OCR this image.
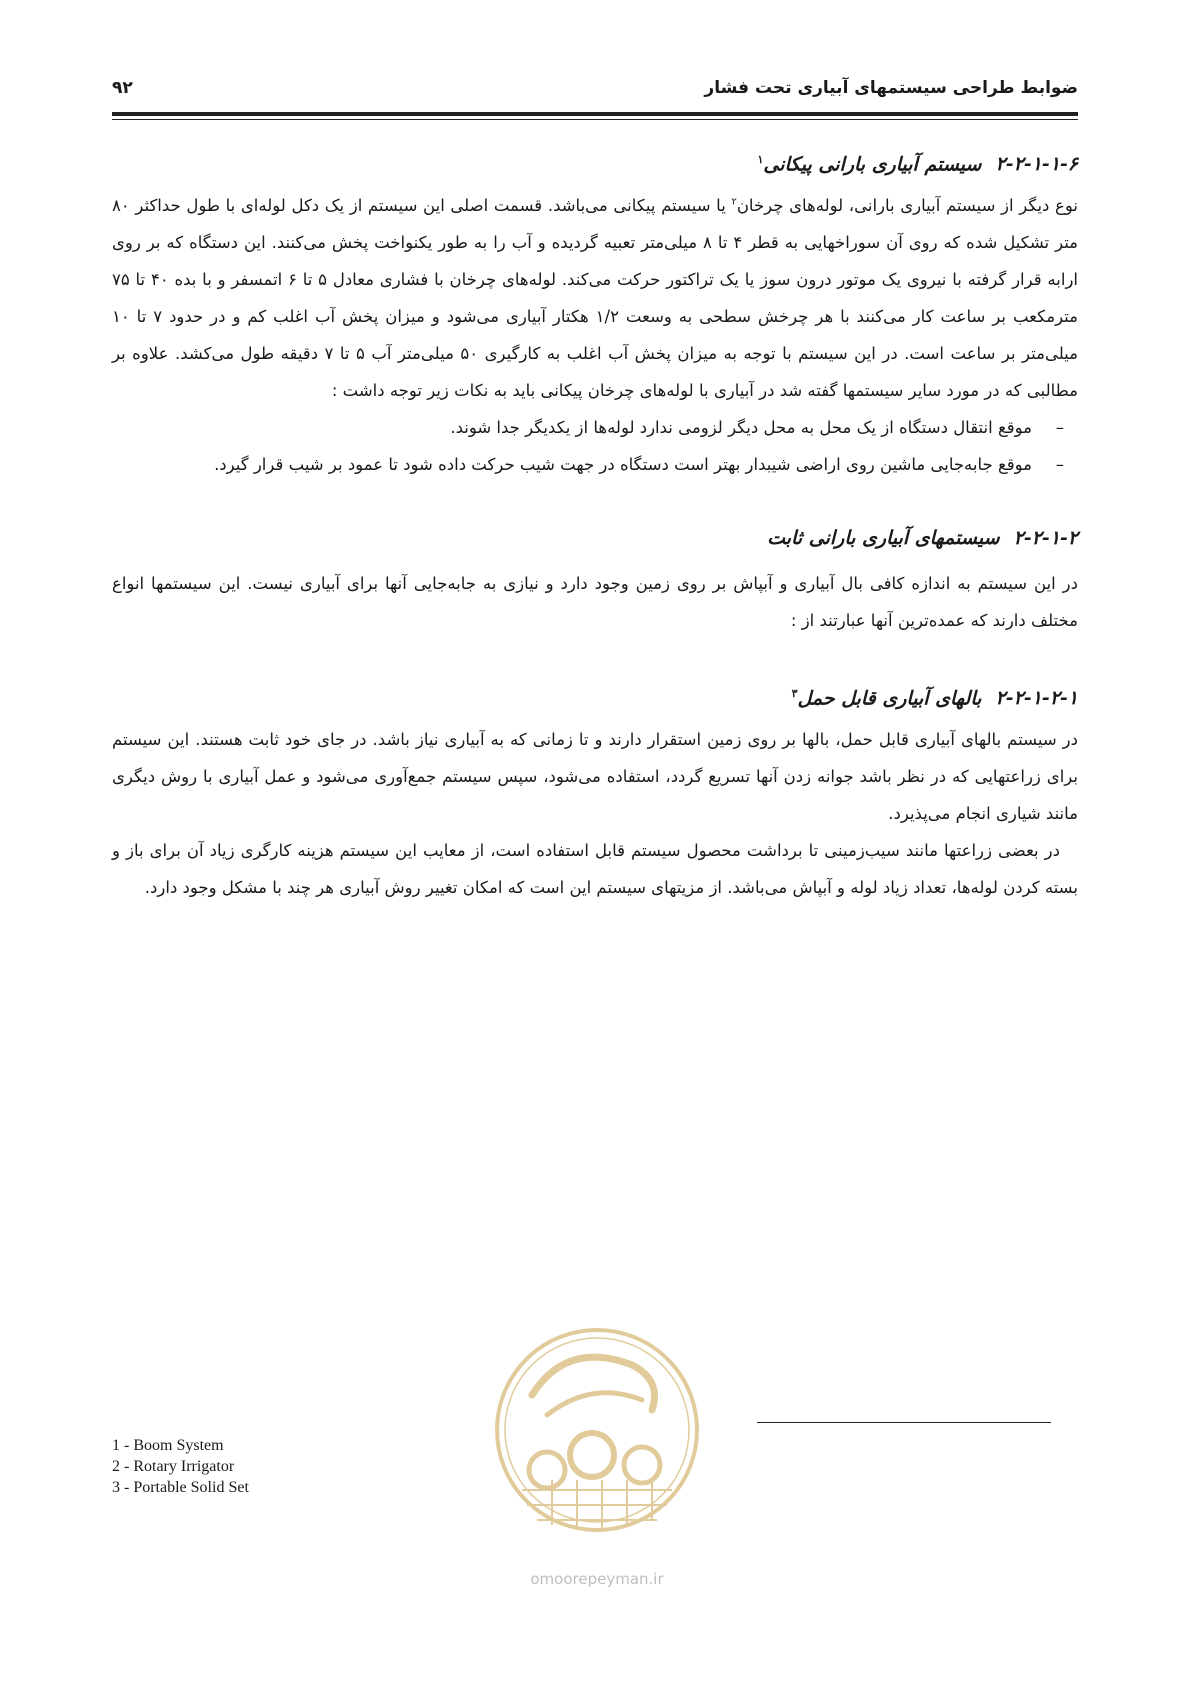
ضوابط طراحی سیستمهای آبیاری تحت فشار
۹۲
۲-۲-۱-۱-۶سیستم آبیاری بارانی پیکانی$^۱$

نوع دیگر از سیستم آبیاری بارانی، لوله‌های چرخان$^۲$ یا سیستم پیکانی می‌باشد. قسمت اصلی این سیستم از یک دکل لوله‌ای با طول حداکثر ۸۰ متر تشکیل شده که روی آن سوراخهایی به قطر ۴ تا ۸ میلی‌متر تعبیه گردیده و آب را به طور یکنواخت پخش می‌کنند. این دستگاه که بر روی ارابه قرار گرفته با نیروی یک موتور درون سوز یا یک تراکتور حرکت می‌کند. لوله‌های چرخان با فشاری معادل ۵ تا ۶ اتمسفر و با بده ۴۰ تا ۷۵ مترمکعب بر ساعت کار می‌کنند با هر چرخش سطحی به وسعت ۱/۲ هکتار آبیاری می‌شود و میزان پخش آب اغلب کم و در حدود ۷ تا ۱۰ میلی‌متر بر ساعت است. در این سیستم با توجه به میزان پخش آب اغلب به کارگیری ۵۰ میلی‌متر آب ۵ تا ۷ دقیقه طول می‌کشد. علاوه بر مطالبی که در مورد سایر سیستمها گفته شد در آبیاری با لوله‌های چرخان پیکانی باید به نکات زیر توجه داشت :

–
موقع انتقال دستگاه از یک محل به محل دیگر لزومی ندارد لوله‌ها از یکدیگر جدا شوند.
–
موقع جابه‌جایی ماشین روی اراضی شیبدار بهتر است دستگاه در جهت شیب حرکت داده شود تا عمود بر شیب قرار گیرد.
۲-۲-۱-۲سیستمهای آبیاری بارانی ثابت

در این سیستم به اندازه کافی بال آبیاری و آبپاش بر روی زمین وجود دارد و نیازی به جابه‌جایی آنها برای آبیاری نیست. این سیستمها انواع مختلف دارند که عمده‌ترین آنها عبارتند از :

۲-۲-۱-۲-۱بالهای آبیاری قابل حمل$^۳$

در سیستم بالهای آبیاری قابل حمل، بالها بر روی زمین استقرار دارند و تا زمانی که به آبیاری نیاز باشد. در جای خود ثابت هستند. این سیستم برای زراعتهایی که در نظر باشد جوانه زدن آنها تسریع گردد، استفاده می‌شود، سپس سیستم جمع‌آوری می‌شود و عمل آبیاری با روش دیگری مانند شیاری انجام می‌پذیرد.

در بعضی زراعتها مانند سیب‌زمینی تا برداشت محصول سیستم قابل استفاده است، از معایب این سیستم هزینه کارگری زیاد آن برای باز و بسته کردن لوله‌ها، تعداد زیاد لوله و آبپاش می‌باشد. از مزیتهای سیستم این است که امکان تغییر روش آبیاری هر چند با مشکل وجود دارد.

omoorepeyman.ir
1 - Boom System
2 - Rotary Irrigator
3 - Portable Solid Set
